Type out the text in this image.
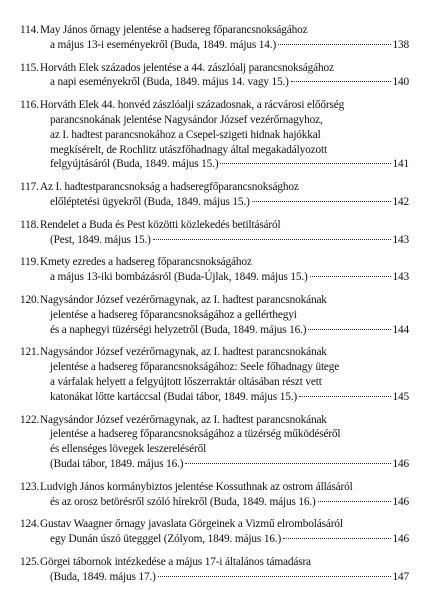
114. May János őrnagy jelentése a hadsereg főparancsnokságához
a május 13-i eseményekről (Buda, 1849. május 14.)	138
115. Horváth Elek százados jelentése a 44. zászlóalj parancsnokságához
a napi eseményekről (Buda, 1849. május 14. vagy 15.)	140
116. Horváth Elek 44. honvéd zászlóalji századosnak, a rácvárosi előőrség
parancsnokának jelentése Nagysándor József vezérőrnagyhoz,
az I. hadtest parancsnokához a Csepel-szigeti hidnak hajókkal
megkísérelt, de Rochlitz utászfőhadnagy által megakadályozott
felgyújtásáról (Buda, 1849. május 15.)	141
117. Az I. hadtestparancsnokság a hadseregfőparancsnoksághoz
előléptetési ügyekről (Buda, 1849. május 15.)	142
118. Rendelet a Buda és Pest közötti közlekedés betiltásáról
(Pest, 1849. május 15.)	143
119. Kmety ezredes a hadsereg főparancsnokságához
a május 13-iki bombázásról (Buda-Újlak, 1849. május 15.)	143
120. Nagysándor József vezérőrnagynak, az I. hadtest parancsnokának
jelentése a hadsereg főparancsnokságához a gellérthegyi
és a naphegyi tüzérségi helyzetről (Buda, 1849. május 16.)	144
121. Nagysándor József vezérőrnagynak, az I. hadtest parancsnokának
jelentése a hadsereg főparancsnokságához: Seele főhadnagy ütege
a várfalak helyett a felgyújtott lőszerraktár oltásában részt vett
katonákat lőtte kartáccsal (Budai tábor, 1849. május 15.)	145
122. Nagysándor József vezérőrnagynak, az I. hadtest parancsnokának
jelentése a hadsereg főparancsnokságához a tüzérség működéséről
és ellenséges lövegek leszereléséről
(Budai tábor, 1849. május 16.)	146
123. Ludvigh János kormánybiztos jelentése Kossuthnak az ostrom állásáról
és az orosz betörésről szóló hírekről (Buda, 1849. május 16.)	146
124. Gustav Waagner őrnagy javaslata Görgeinek a Vizmű elrombolásáról
egy Dunán úszó ütegggel (Zólyom, 1849. május 16.)	146
125. Görgei tábornok intézkedése a május 17-i általános támadásra
(Buda, 1849. május 17.)	147
